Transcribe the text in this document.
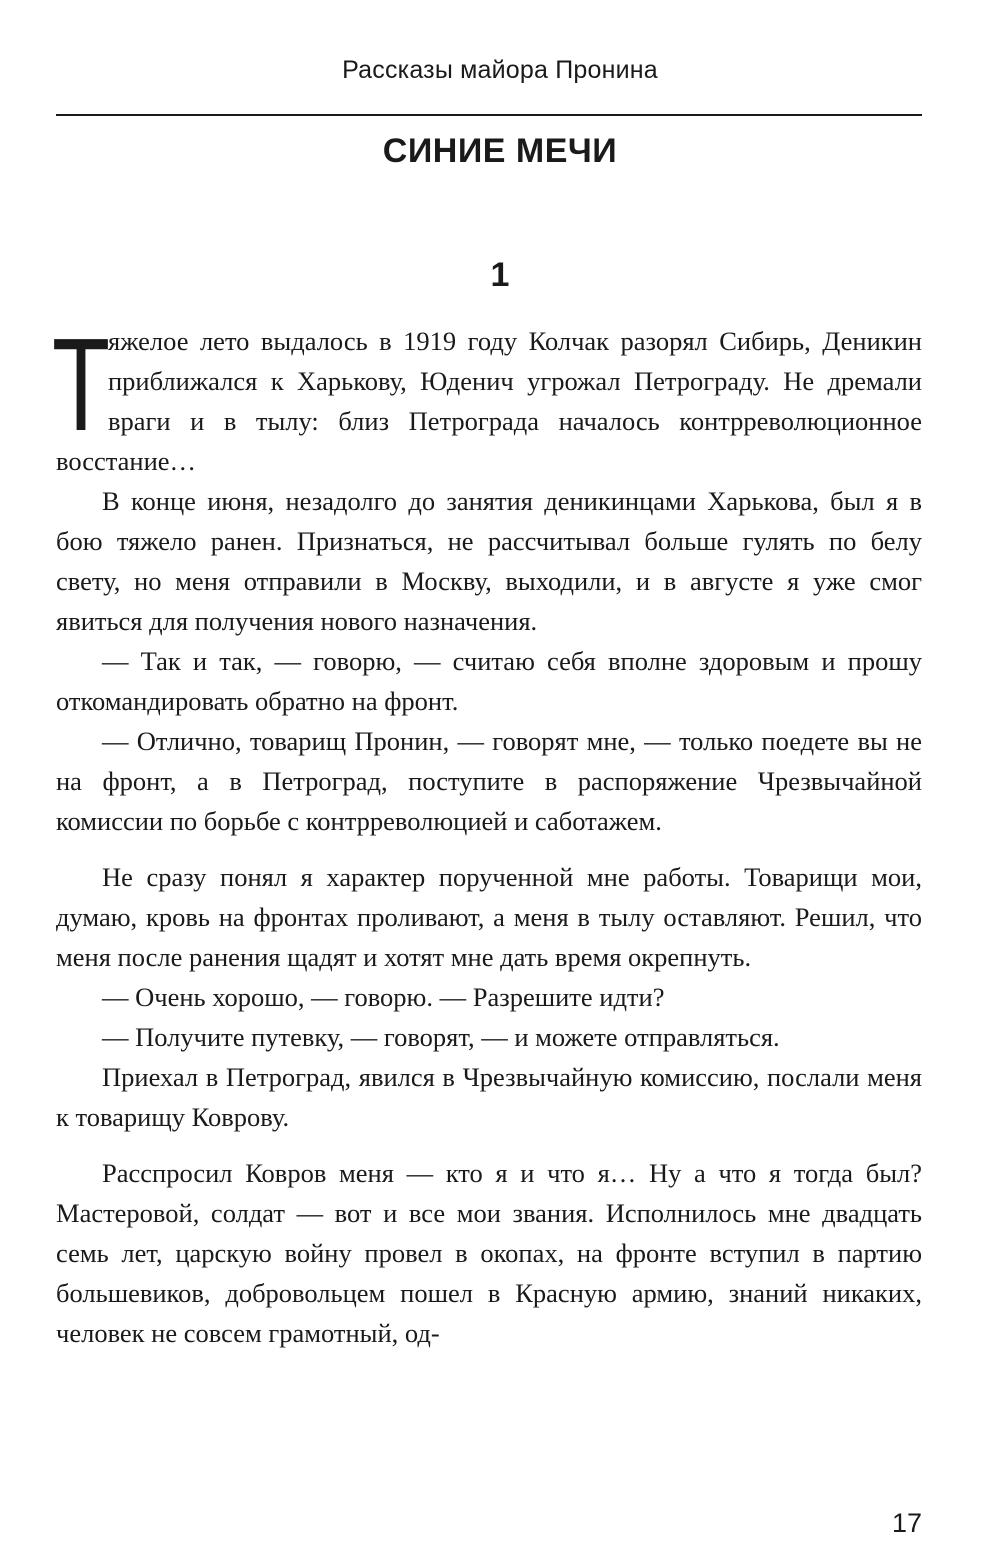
Рассказы майора Пронина
СИНИЕ МЕЧИ
1

Т
яжелое лето выдалось в 1919 году Колчак разорял Сибирь, Деникин приближался к Харькову, Юденич угрожал Петрограду. Не дремали враги и в тылу: близ Петрограда началось контрреволюционное восстание…

В конце июня, незадолго до занятия деникинцами Харькова, был я в бою тяжело ранен. Признаться, не рассчитывал больше гулять по белу свету, но меня отправили в Москву, выходили, и в августе я уже смог явиться для получения нового назначения.

— Так и так, — говорю, — считаю себя вполне здоровым и прошу откомандировать обратно на фронт.

— Отлично, товарищ Пронин, — говорят мне, — только поедете вы не на фронт, а в Петроград, поступите в распоряжение Чрезвычайной комиссии по борьбе с контрреволюцией и саботажем.

Не сразу понял я характер порученной мне работы. Товарищи мои, думаю, кровь на фронтах проливают, а меня в тылу оставляют. Решил, что меня после ранения щадят и хотят мне дать время окрепнуть.

— Очень хорошо, — говорю. — Разрешите идти?

— Получите путевку, — говорят, — и можете отправляться.

Приехал в Петроград, явился в Чрезвычайную комиссию, послали меня к товарищу Коврову.

Расспросил Ковров меня — кто я и что я… Ну а что я тогда был? Мастеровой, солдат — вот и все мои звания. Исполнилось мне двадцать семь лет, царскую войну провел в окопах, на фронте вступил в партию большевиков, добровольцем пошел в Красную армию, знаний никаких, человек не совсем грамотный, од-

17
